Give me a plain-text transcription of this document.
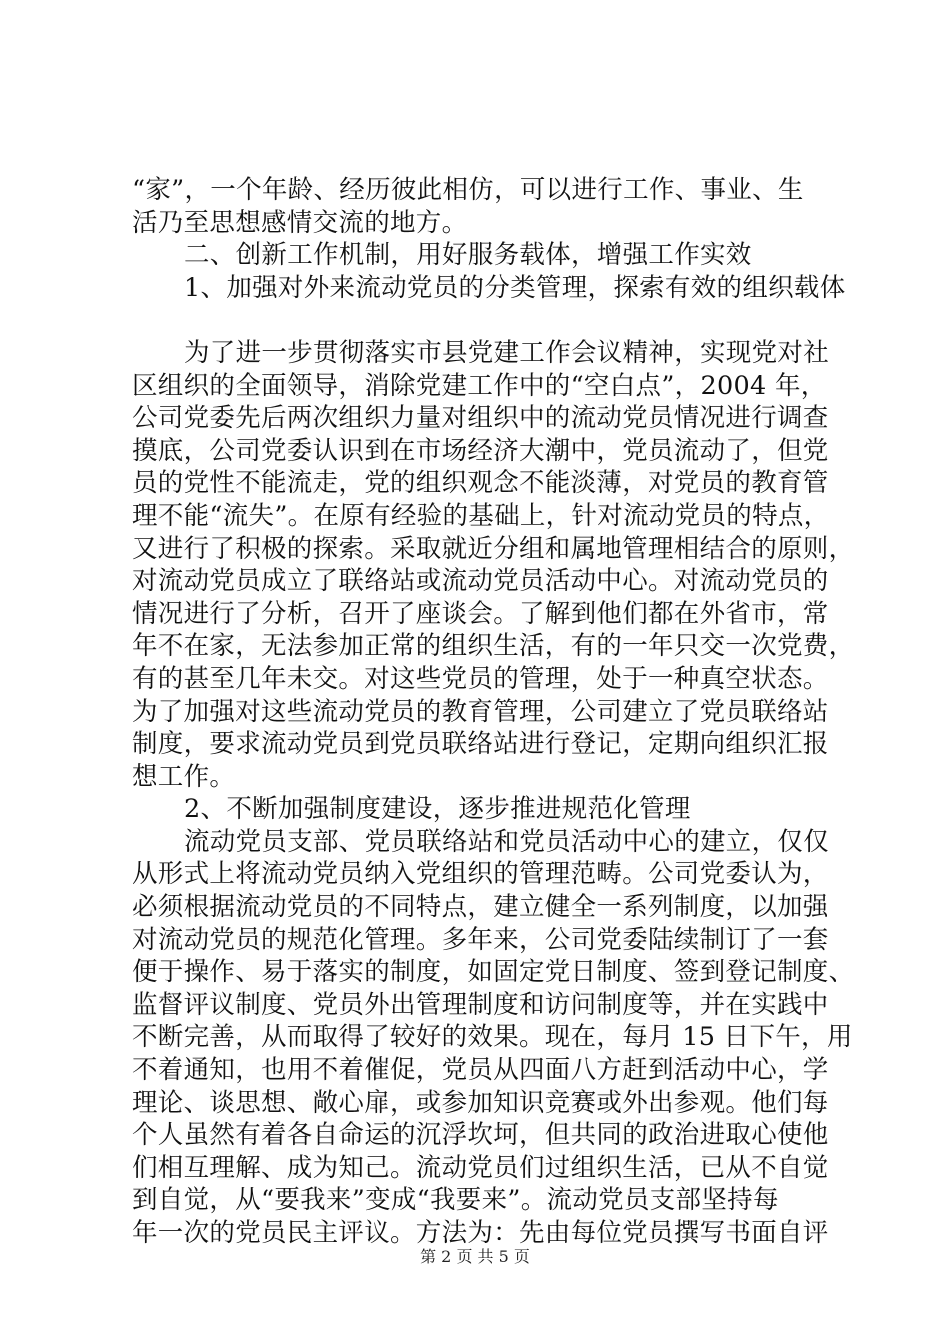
“家”，一个年龄、经历彼此相仿，可以进行工作、事业、生
活乃至思想感情交流的地方。
二、创新工作机制，用好服务载体，增强工作实效
1、加强对外来流动党员的分类管理，探索有效的组织载体
为了进一步贯彻落实市县党建工作会议精神，实现党对社
区组织的全面领导，消除党建工作中的“空白点”，2004 年，
公司党委先后两次组织力量对组织中的流动党员情况进行调查
摸底，公司党委认识到在市场经济大潮中，党员流动了，但党
员的党性不能流走，党的组织观念不能淡薄，对党员的教育管
理不能“流失”。在原有经验的基础上，针对流动党员的特点，
又进行了积极的探索。采取就近分组和属地管理相结合的原则，
对流动党员成立了联络站或流动党员活动中心。对流动党员的
情况进行了分析，召开了座谈会。了解到他们都在外省市，常
年不在家，无法参加正常的组织生活，有的一年只交一次党费，
有的甚至几年未交。对这些党员的管理，处于一种真空状态。
为了加强对这些流动党员的教育管理，公司建立了党员联络站
制度，要求流动党员到党员联络站进行登记，定期向组织汇报
想工作。
2、不断加强制度建设，逐步推进规范化管理
流动党员支部、党员联络站和党员活动中心的建立，仅仅
从形式上将流动党员纳入党组织的管理范畴。公司党委认为，
必须根据流动党员的不同特点，建立健全一系列制度，以加强
对流动党员的规范化管理。多年来，公司党委陆续制订了一套
便于操作、易于落实的制度，如固定党日制度、签到登记制度、
监督评议制度、党员外出管理制度和访问制度等，并在实践中
不断完善，从而取得了较好的效果。现在，每月 15 日下午，用
不着通知，也用不着催促，党员从四面八方赶到活动中心，学
理论、谈思想、敞心扉，或参加知识竞赛或外出参观。他们每
个人虽然有着各自命运的沉浮坎坷，但共同的政治进取心使他
们相互理解、成为知己。流动党员们过组织生活，已从不自觉
到自觉，从“要我来”变成“我要来”。流动党员支部坚持每
年一次的党员民主评议。方法为：先由每位党员撰写书面自评
第 2 页 共 5 页
